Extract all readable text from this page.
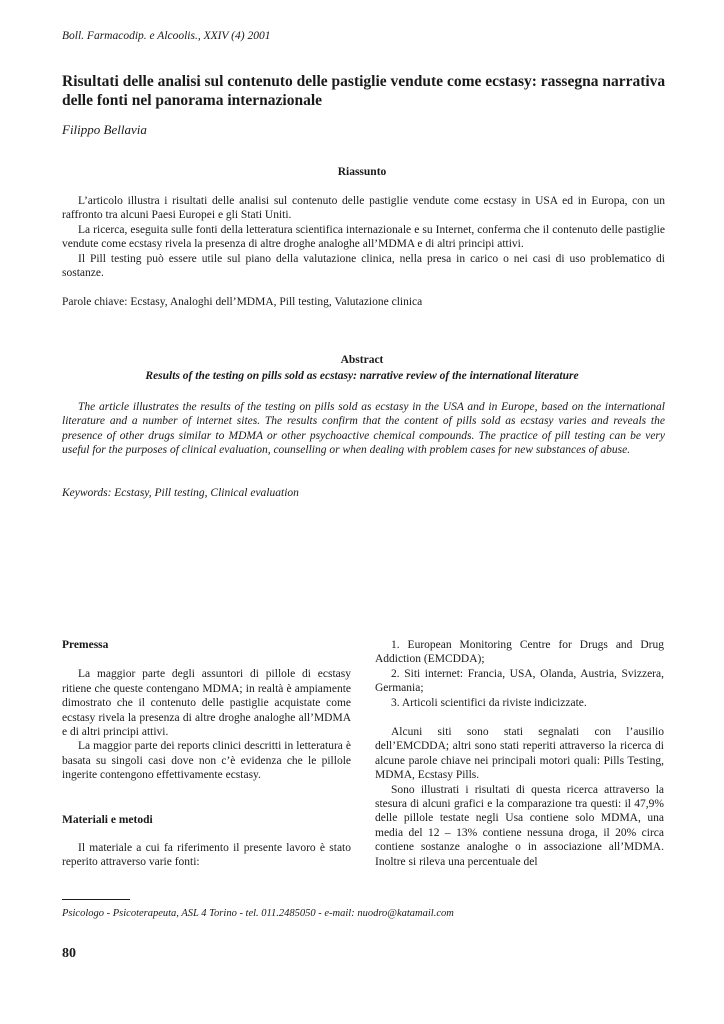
Boll. Farmacodip. e Alcoolis., XXIV (4) 2001
Risultati delle analisi sul contenuto delle pastiglie vendute come ecstasy: rassegna narrativa delle fonti nel panorama internazionale
Filippo Bellavia
Riassunto

L’articolo illustra i risultati delle analisi sul contenuto delle pastiglie vendute come ecstasy in USA ed in Europa, con un raffronto tra alcuni Paesi Europei e gli Stati Uniti.

La ricerca, eseguita sulle fonti della letteratura scientifica internazionale e su Internet, conferma che il contenuto delle pastiglie vendute come ecstasy rivela la presenza di altre droghe analoghe all’MDMA e di altri principi attivi.

Il Pill testing può essere utile sul piano della valutazione clinica, nella presa in carico o nei casi di uso problematico di sostanze.

Parole chiave: Ecstasy, Analoghi dell’MDMA, Pill testing, Valutazione clinica
Abstract
Results of the testing on pills sold as ecstasy: narrative review of the international literature

The article illustrates the results of the testing on pills sold as ecstasy in the USA and in Europe, based on the international literature and a number of internet sites. The results confirm that the content of pills sold as ecstasy varies and reveals the presence of other drugs similar to MDMA or other psychoactive chemical compounds. The practice of pill testing can be very useful for the purposes of clinical evaluation, counselling or when dealing with problem cases for new substances of abuse.

Keywords: Ecstasy, Pill testing, Clinical evaluation
Premessa

La maggior parte degli assuntori di pillole di ecstasy ritiene che queste contengano MDMA; in realtà è ampiamente dimostrato che il contenuto delle pastiglie acquistate come ecstasy rivela la presenza di altre droghe analoghe all’MDMA e di altri principi attivi.

La maggior parte dei reports clinici descritti in letteratura è basata su singoli casi dove non c’è evidenza che le pillole ingerite contengono effettivamente ecstasy.

Materiali e metodi

Il materiale a cui fa riferimento il presente lavoro è stato reperito attraverso varie fonti:

1. European Monitoring Centre for Drugs and Drug Addiction (EMCDDA);

2. Siti internet: Francia, USA, Olanda, Austria, Svizzera, Germania;

3. Articoli scientifici da riviste indicizzate.

Alcuni siti sono stati segnalati con l’ausilio dell’EMCDDA; altri sono stati reperiti attraverso la ricerca di alcune parole chiave nei principali motori quali: Pills Testing, MDMA, Ecstasy Pills.

Sono illustrati i risultati di questa ricerca attraverso la stesura di alcuni grafici e la comparazione tra questi: il 47,9% delle pillole testate negli Usa contiene solo MDMA, una media del 12 – 13% contiene nessuna droga, il 20% circa contiene sostanze analoghe o in associazione all’MDMA. Inoltre si rileva una percentuale del

Psicologo - Psicoterapeuta, ASL 4 Torino - tel. 011.2485050 - e-mail: nuodro@katamail.com
80
